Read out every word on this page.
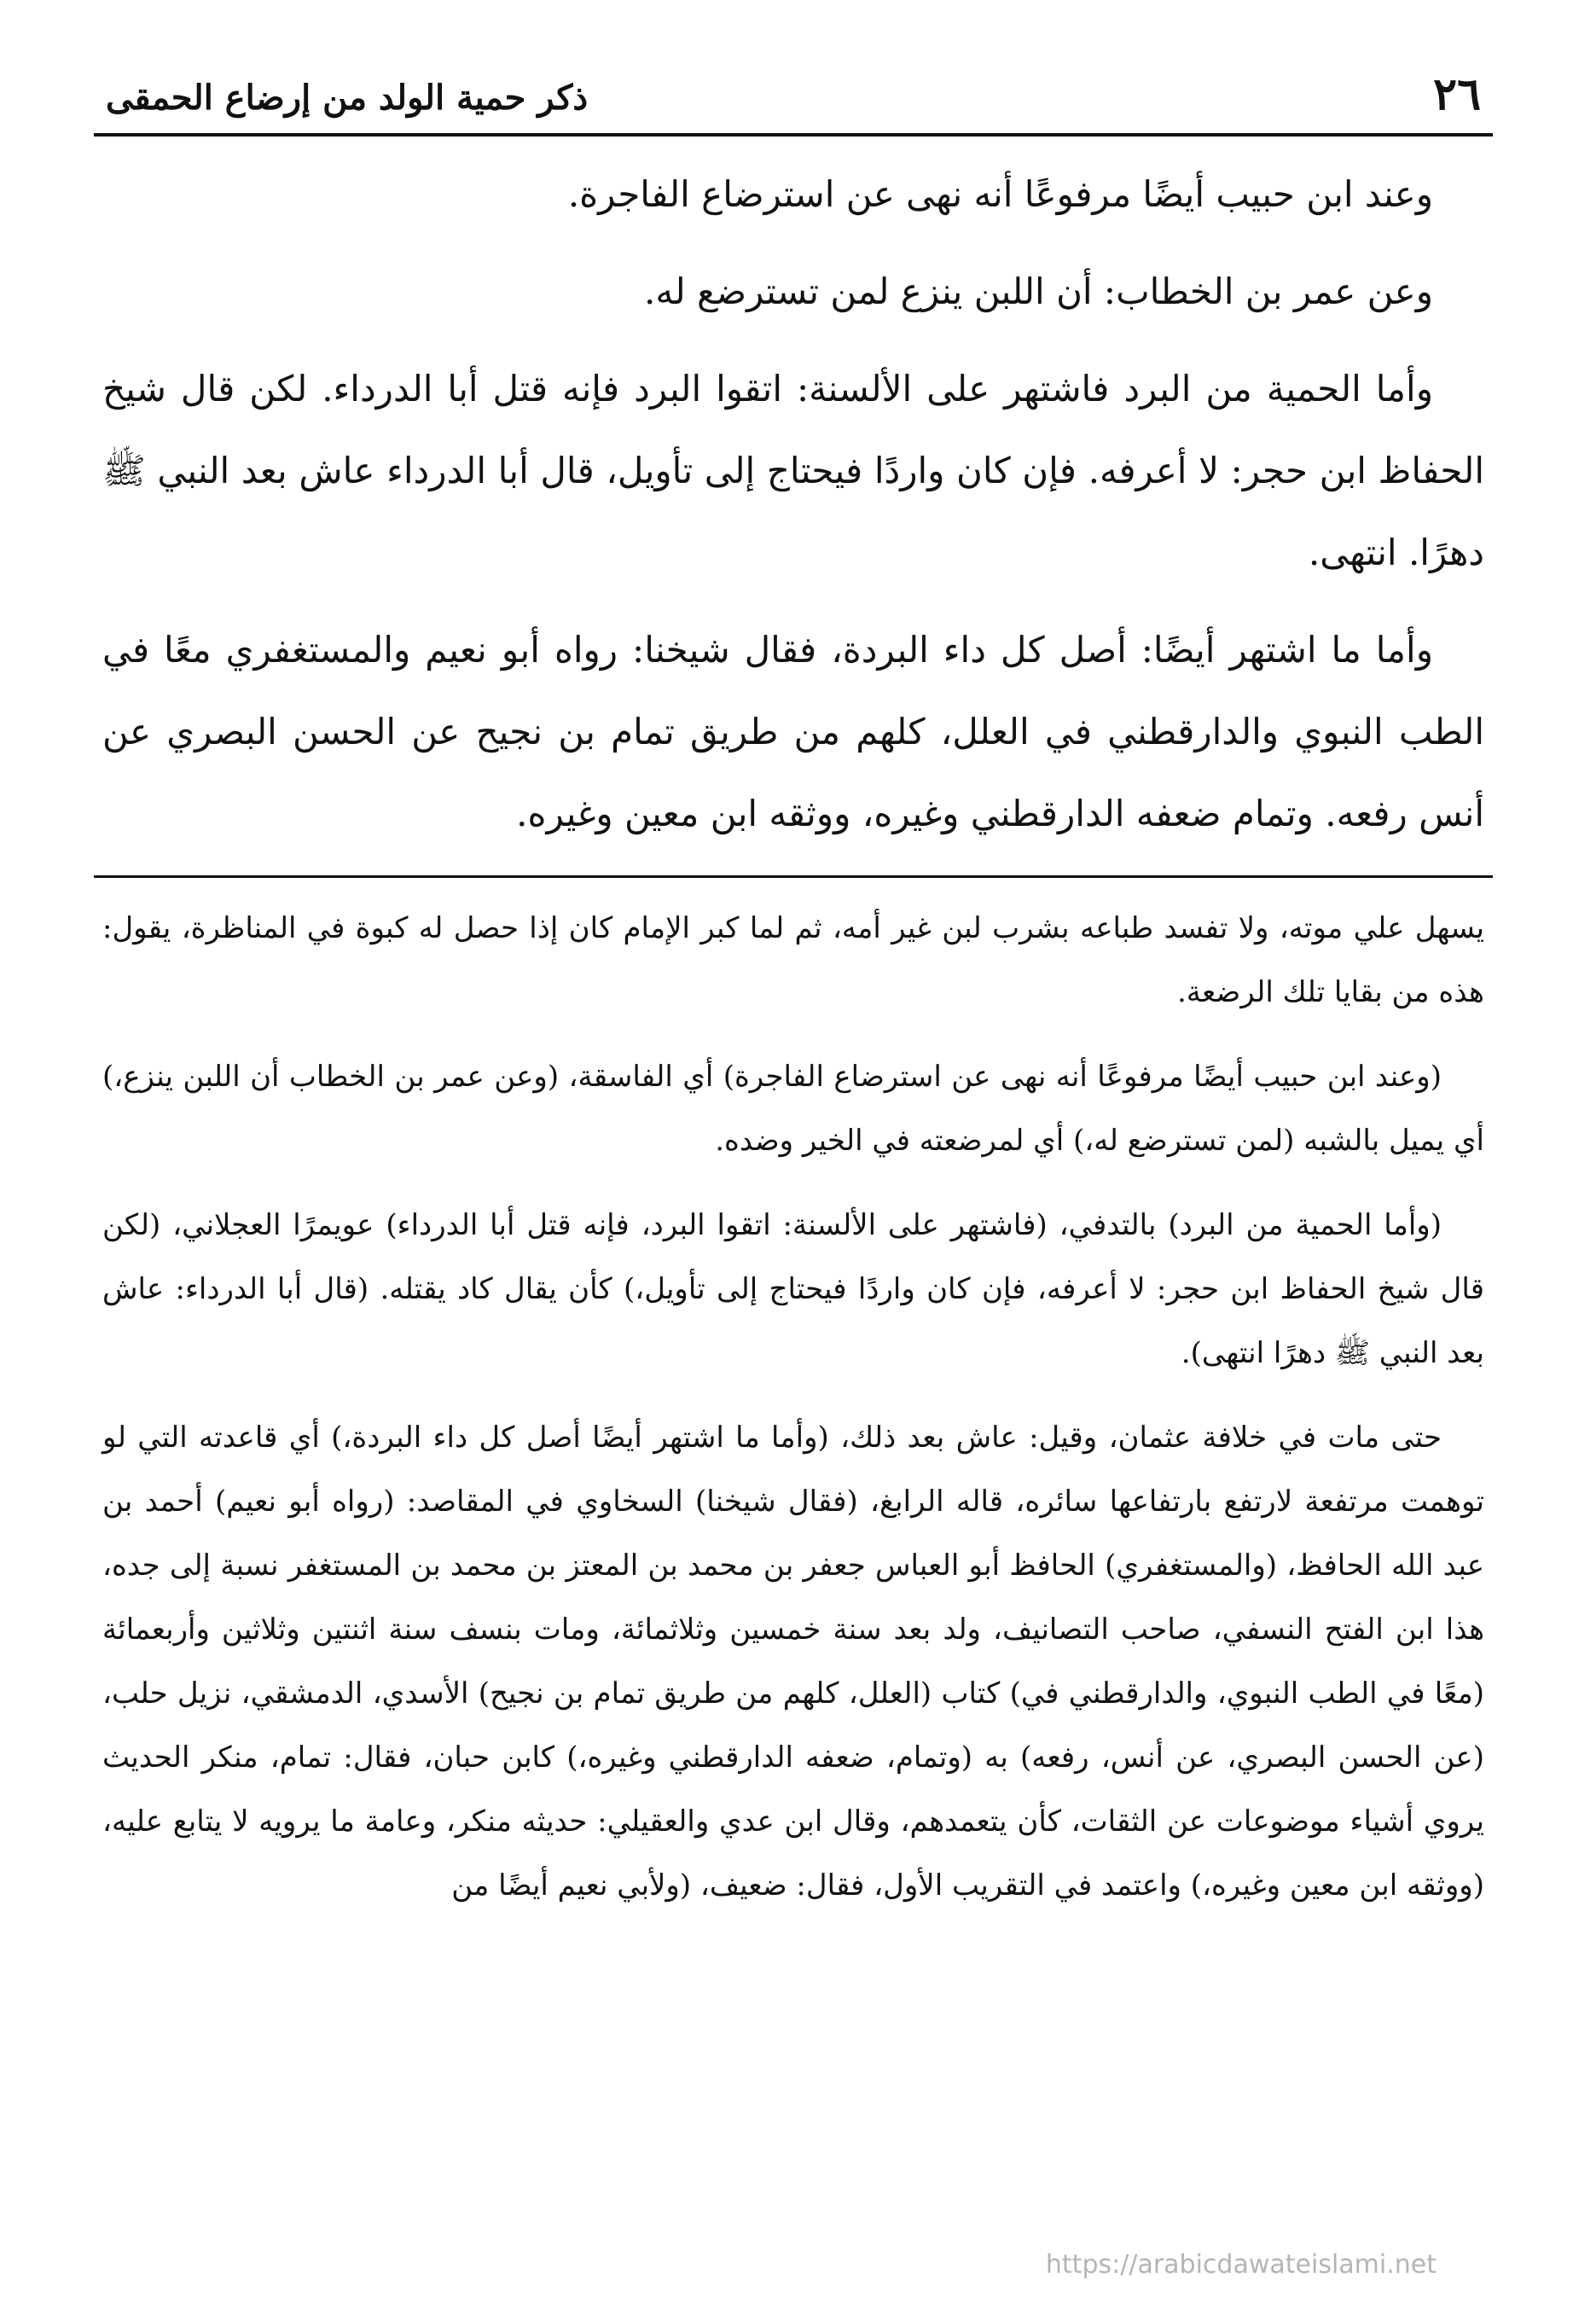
٢٦
ذكر حمية الولد من إرضاع الحمقى

وعند ابن حبيب أيضًا مرفوعًا أنه نهى عن استرضاع الفاجرة.

وعن عمر بن الخطاب: أن اللبن ينزع لمن تسترضع له.

وأما الحمية من البرد فاشتهر على الألسنة: اتقوا البرد فإنه قتل أبا الدرداء. لكن قال شيخ الحفاظ ابن حجر: لا أعرفه. فإن كان واردًا فيحتاج إلى تأويل، قال أبا الدرداء عاش بعد النبي ﷺ دهرًا. انتهى.

وأما ما اشتهر أيضًا: أصل كل داء البردة، فقال شيخنا: رواه أبو نعيم والمستغفري معًا في الطب النبوي والدارقطني في العلل، كلهم من طريق تمام بن نجيح عن الحسن البصري عن أنس رفعه. وتمام ضعفه الدارقطني وغيره، ووثقه ابن معين وغيره.

يسهل علي موته، ولا تفسد طباعه بشرب لبن غير أمه، ثم لما كبر الإمام كان إذا حصل له كبوة في المناظرة، يقول: هذه من بقايا تلك الرضعة.

(وعند ابن حبيب أيضًا مرفوعًا أنه نهى عن استرضاع الفاجرة) أي الفاسقة، (وعن عمر بن الخطاب أن اللبن ينزع،) أي يميل بالشبه (لمن تسترضع له،) أي لمرضعته في الخير وضده.

(وأما الحمية من البرد) بالتدفي، (فاشتهر على الألسنة: اتقوا البرد، فإنه قتل أبا الدرداء) عويمرًا العجلاني، (لكن قال شيخ الحفاظ ابن حجر: لا أعرفه، فإن كان واردًا فيحتاج إلى تأويل،) كأن يقال كاد يقتله. (قال أبا الدرداء: عاش بعد النبي ﷺ دهرًا انتهى).

حتى مات في خلافة عثمان، وقيل: عاش بعد ذلك، (وأما ما اشتهر أيضًا أصل كل داء البردة،) أي قاعدته التي لو توهمت مرتفعة لارتفع بارتفاعها سائره، قاله الرابغ، (فقال شيخنا) السخاوي في المقاصد: (رواه أبو نعيم) أحمد بن عبد الله الحافظ، (والمستغفري) الحافظ أبو العباس جعفر بن محمد بن المعتز بن محمد بن المستغفر نسبة إلى جده، هذا ابن الفتح النسفي، صاحب التصانيف، ولد بعد سنة خمسين وثلاثمائة، ومات بنسف سنة اثنتين وثلاثين وأربعمائة (معًا في الطب النبوي، والدارقطني في) كتاب (العلل، كلهم من طريق تمام بن نجيح) الأسدي، الدمشقي، نزيل حلب، (عن الحسن البصري، عن أنس، رفعه) به (وتمام، ضعفه الدارقطني وغيره،) كابن حبان، فقال: تمام، منكر الحديث يروي أشياء موضوعات عن الثقات، كأن يتعمدهم، وقال ابن عدي والعقيلي: حديثه منكر، وعامة ما يرويه لا يتابع عليه، (ووثقه ابن معين وغيره،) واعتمد في التقريب الأول، فقال: ضعيف، (ولأبي نعيم أيضًا من

https://arabicdawateislami.net
